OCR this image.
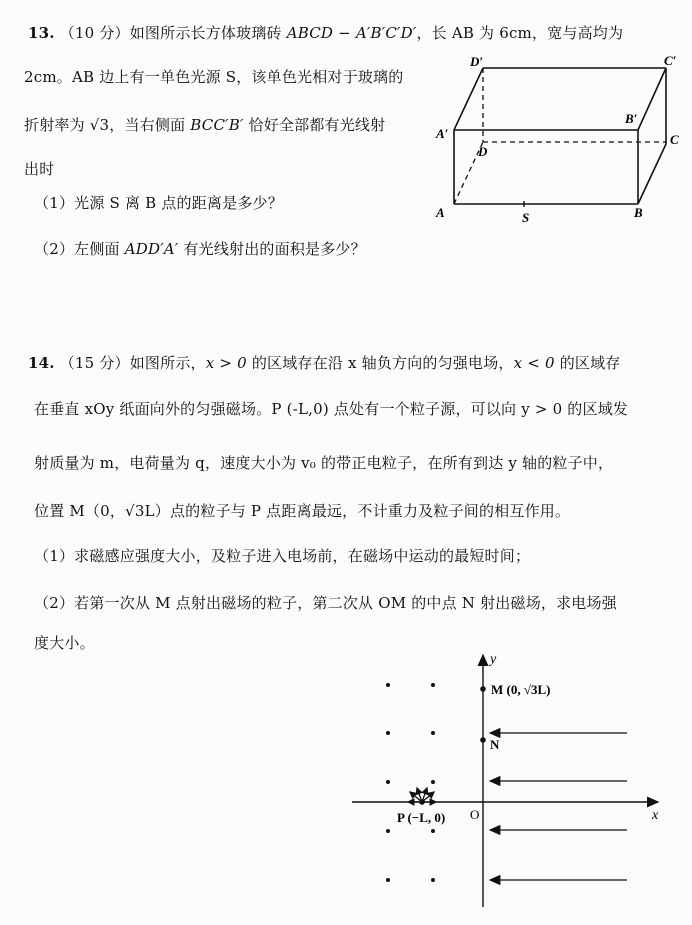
13. （10 分）如图所示长方体玻璃砖 ABCD − A′B′C′D′，长 AB 为 6cm，宽与高均为
2cm。AB 边上有一单色光源 S，该单色光相对于玻璃的
折射率为 √3，当右侧面 BCC′B′ 恰好全部都有光线射
出时
（1）光源 S 离 B 点的距离是多少？
（2）左侧面 ADD′A′ 有光线射出的面积是多少？
D′	C′
B′
C
A′
D
A	S	B
14. （15 分）如图所示，x > 0 的区域存在沿 x 轴负方向的匀强电场，x < 0 的区域存
在垂直 xOy 纸面向外的匀强磁场。P (-L,0) 点处有一个粒子源，可以向 y > 0 的区域发
射质量为 m，电荷量为 q，速度大小为 v₀ 的带正电粒子，在所有到达 y 轴的粒子中，
位置 M（0，√3L）点的粒子与 P 点距离最远，不计重力及粒子间的相互作用。
（1）求磁感应强度大小，及粒子进入电场前，在磁场中运动的最短时间；
（2）若第一次从 M 点射出磁场的粒子，第二次从 OM 的中点 N 射出磁场，求电场强
度大小。
y
x
O
M (0, √3L)
N
P (−L, 0)
